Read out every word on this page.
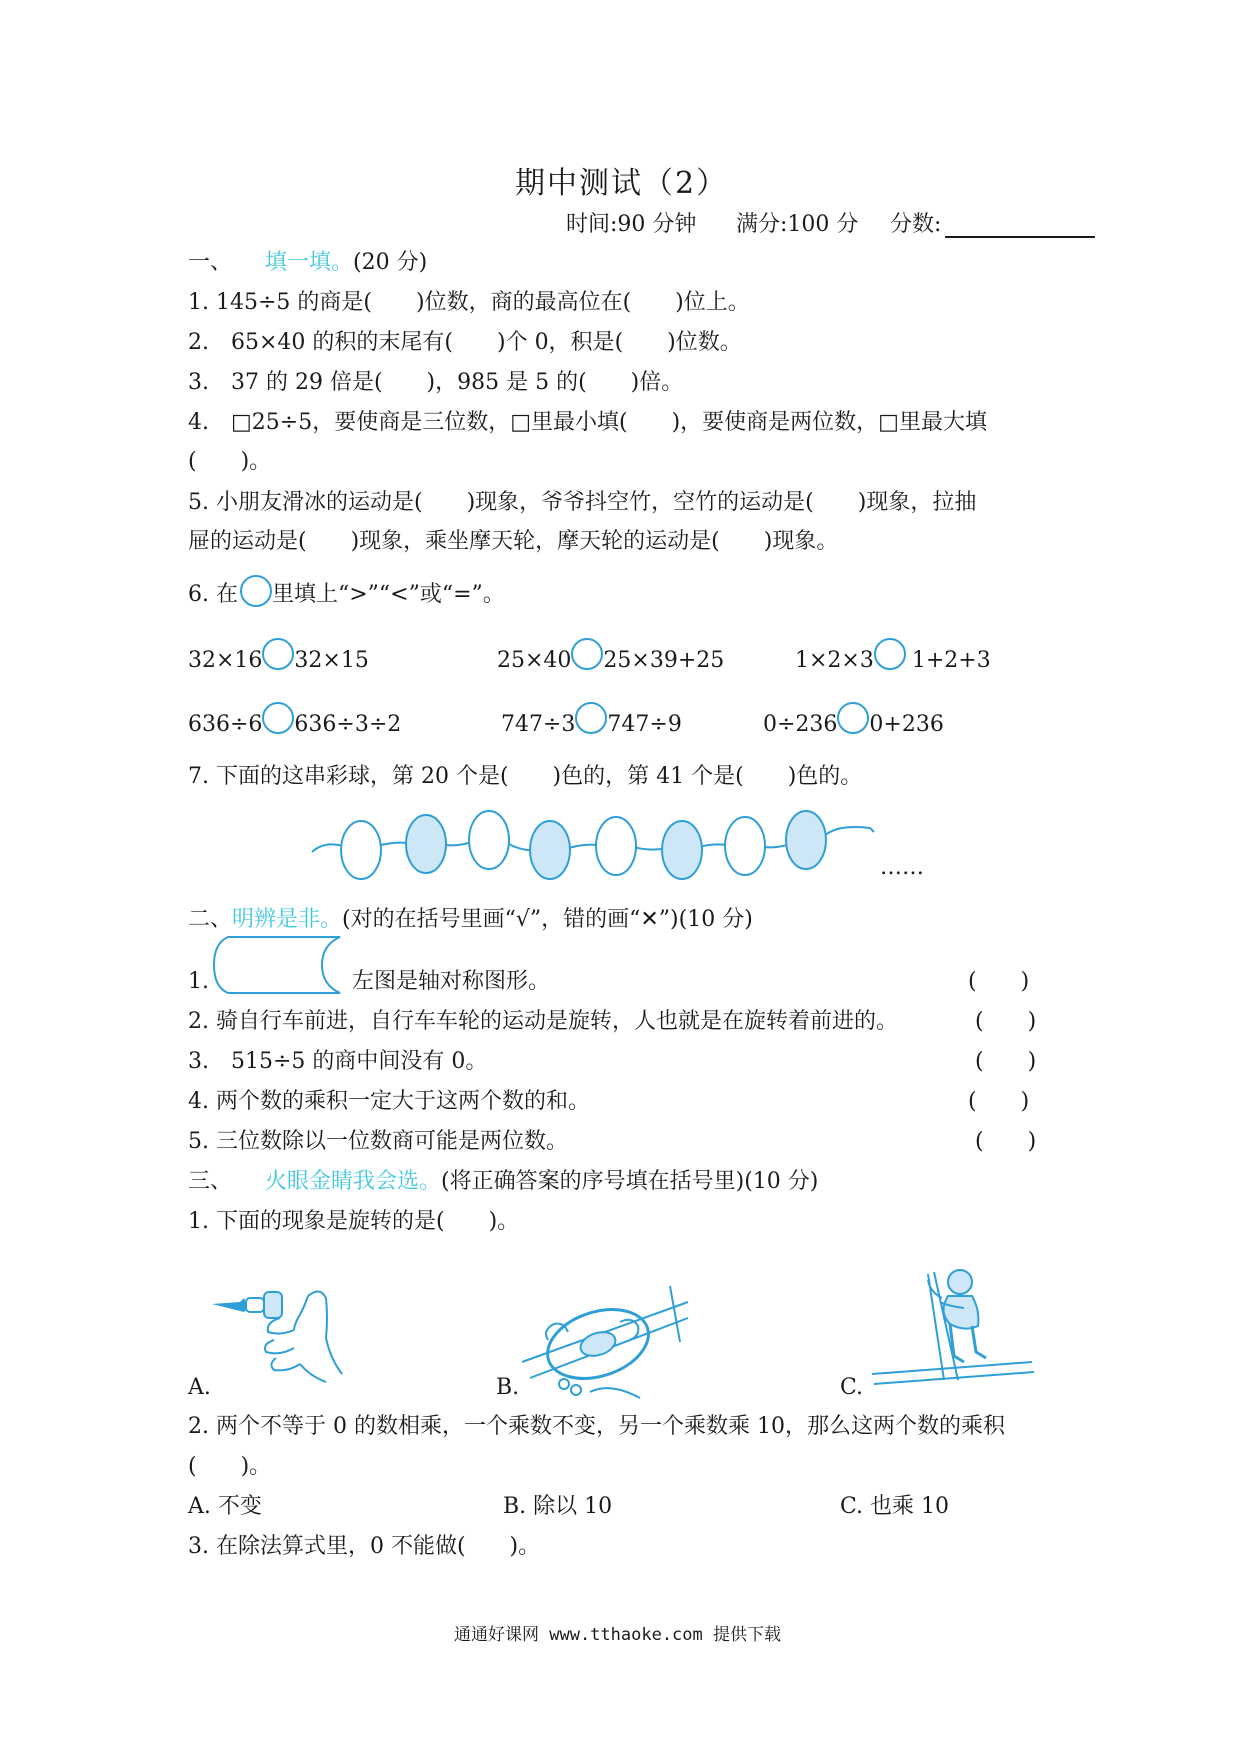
期中测试（2）
时间:90 分钟 满分:100 分 分数:
一、 填一填。(20 分)
1. 145÷5 的商是(　　)位数，商的最高位在(　　)位上。
2.　65×40 的积的末尾有(　　)个 0，积是(　　)位数。
3.　37 的 29 倍是(　　)，985 是 5 的(　　)倍。
4.　□25÷5，要使商是三位数，□里最小填(　　)，要使商是两位数，□里最大填
(　　)。
5. 小朋友滑冰的运动是(　　)现象，爷爷抖空竹，空竹的运动是(　　)现象，拉抽
屉的运动是(　　)现象，乘坐摩天轮，摩天轮的运动是(　　)现象。
6. 在 里填上“>”“<”或“=”。
32×16 32×15	25×40 25×39+25	1×2×3 1+2+3
636÷6 636÷3÷2	747÷3 747÷9	0÷236 0+236
7. 下面的这串彩球，第 20 个是(　　)色的，第 41 个是(　　)色的。
……
二、明辨是非。(对的在括号里画“√”，错的画“✕”)(10 分)
1.	左图是轴对称图形。	(　　)
2. 骑自行车前进，自行车车轮的运动是旋转，人也就是在旋转着前进的。	(　　)
3.　515÷5 的商中间没有 0。	(　　)
4. 两个数的乘积一定大于这两个数的和。	(　　)
5. 三位数除以一位数商可能是两位数。	(　　)
三、 火眼金睛我会选。(将正确答案的序号填在括号里)(10 分)
1. 下面的现象是旋转的是(　　)。
A.	B.	C.
2. 两个不等于 0 的数相乘，一个乘数不变，另一个乘数乘 10，那么这两个数的乘积
(　　)。
A. 不变	B. 除以 10	C. 也乘 10
3. 在除法算式里，0 不能做(　　)。
通通好课网 www.tthaoke.com 提供下载
